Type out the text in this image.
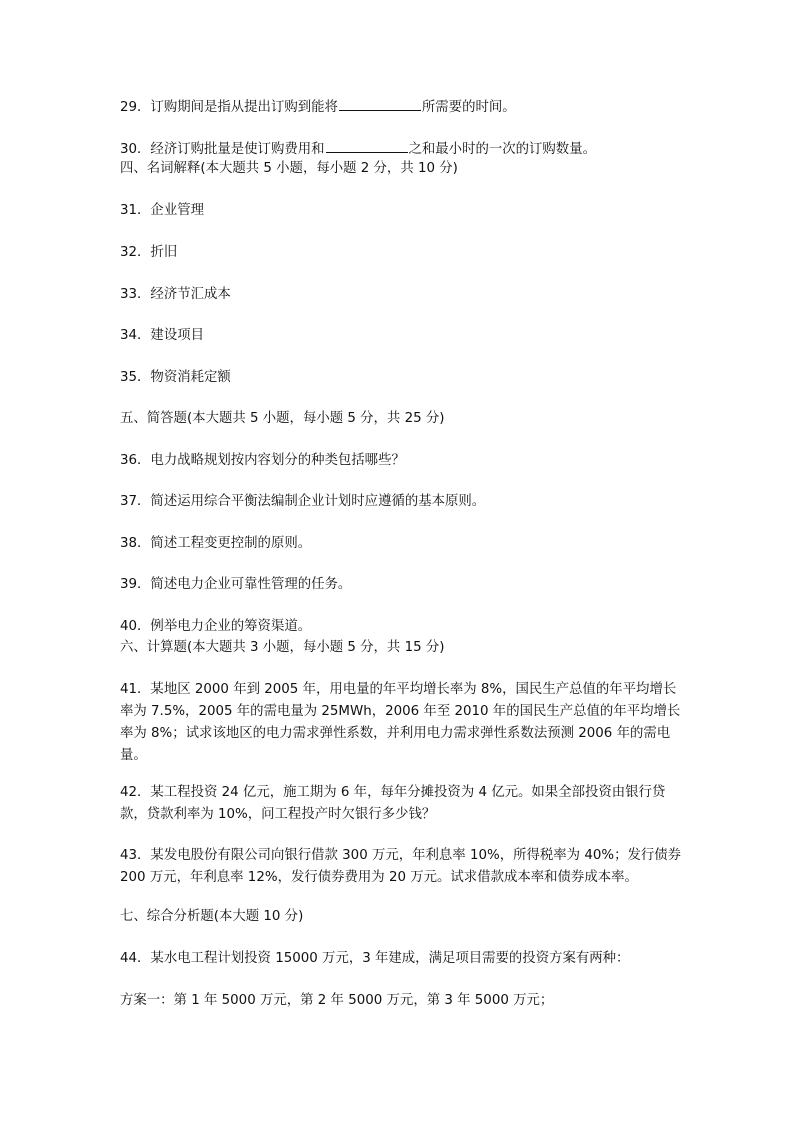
29．订购期间是指从提出订购到能将	所需要的时间。
30．经济订购批量是使订购费用和	之和最小时的一次的订购数量。
四、名词解释(本大题共 5 小题，每小题 2 分，共 10 分)
31．企业管理
32．折旧
33．经济节汇成本
34．建设项目
35．物资消耗定额
五、简答题(本大题共 5 小题，每小题 5 分，共 25 分)
36．电力战略规划按内容划分的种类包括哪些？
37．简述运用综合平衡法编制企业计划时应遵循的基本原则。
38．简述工程变更控制的原则。
39．简述电力企业可靠性管理的任务。
40．例举电力企业的筹资渠道。
六、计算题(本大题共 3 小题，每小题 5 分，共 15 分)
41．某地区 2000 年到 2005 年，用电量的年平均增长率为 8%，国民生产总值的年平均增长率为 7.5%，2005 年的需电量为 25MWh，2006 年至 2010 年的国民生产总值的年平均增长率为 8%；试求该地区的电力需求弹性系数，并利用电力需求弹性系数法预测 2006 年的需电量。
42．某工程投资 24 亿元，施工期为 6 年，每年分摊投资为 4 亿元。如果全部投资由银行贷款，贷款利率为 10%，问工程投产时欠银行多少钱？
43．某发电股份有限公司向银行借款 300 万元，年利息率 10%，所得税率为 40%；发行债券 200 万元，年利息率 12%，发行债券费用为 20 万元。试求借款成本率和债券成本率。
七、综合分析题(本大题 10 分)
44．某水电工程计划投资 15000 万元，3 年建成，满足项目需要的投资方案有两种：
方案一：第 1 年 5000 万元，第 2 年 5000 万元，第 3 年 5000 万元；
